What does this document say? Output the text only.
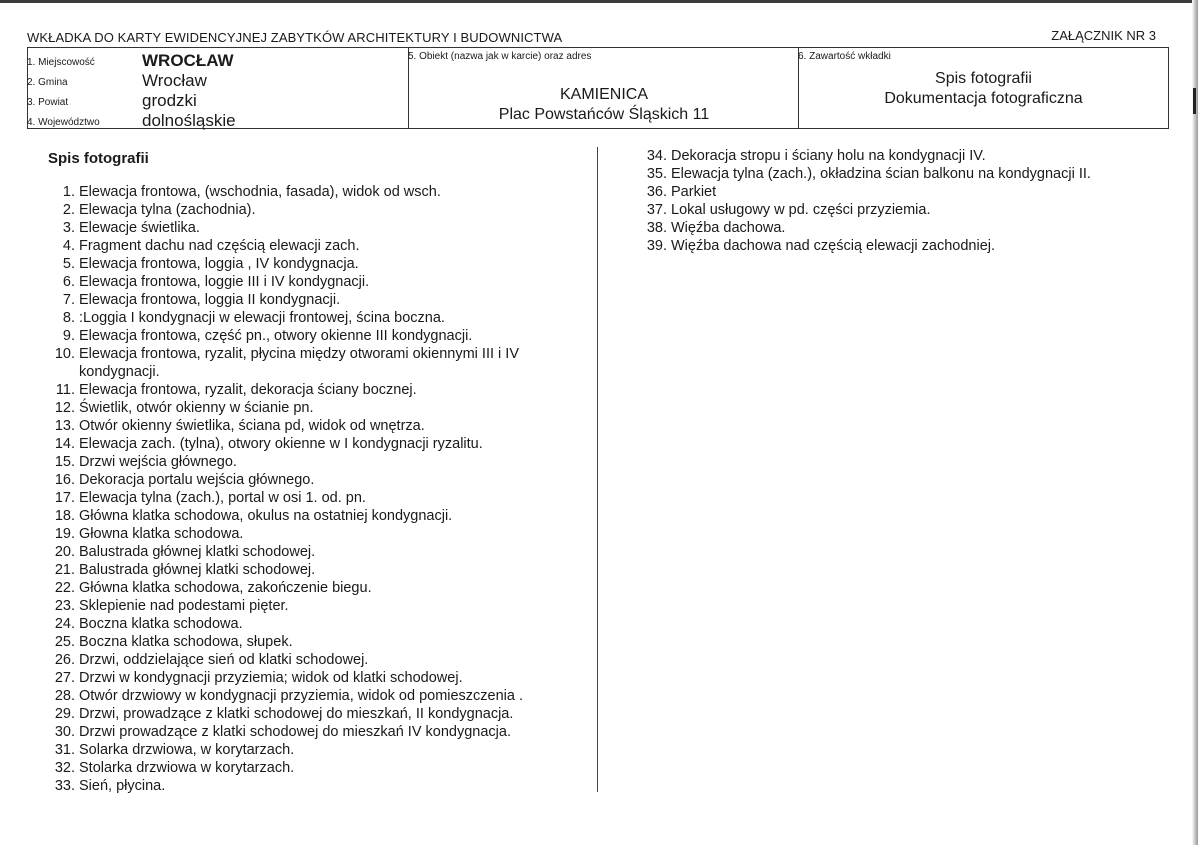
WKŁADKA DO KARTY EWIDENCYJNEJ ZABYTKÓW ARCHITEKTURY I BUDOWNICTWA	ZAŁĄCZNIK NR 3
1. Miejscowość	WROCŁAW
2. Gmina	Wrocław
3. Powiat	grodzki
4. Województwo dolnośląskie
5. Obiekt (nazwa jak w karcie) oraz adres
KAMIENICA
Plac Powstańców Śląskich 11
6. Zawartość wkładki
Spis fotografii
Dokumentacja fotograficzna
Spis fotografii
1. Elewacja frontowa, (wschodnia, fasada), widok od wsch.
2. Elewacja tylna (zachodnia).
3. Elewacje świetlika.
4. Fragment dachu nad częścią elewacji zach.
5. Elewacja frontowa, loggia , IV kondygnacja.
6. Elewacja frontowa, loggie III i IV kondygnacji.
7. Elewacja frontowa, loggia II kondygnacji.
8. :Loggia I kondygnacji w elewacji frontowej, ścina boczna.
9. Elewacja frontowa, część pn., otwory okienne III kondygnacji.
10. Elewacja frontowa, ryzalit, płycina między otworami okiennymi III i IV kondygnacji.
11. Elewacja frontowa, ryzalit, dekoracja ściany bocznej.
12. Świetlik, otwór okienny w ścianie pn.
13. Otwór okienny świetlika, ściana pd, widok od wnętrza.
14. Elewacja zach. (tylna), otwory okienne w I kondygnacji ryzalitu.
15. Drzwi wejścia głównego.
16. Dekoracja portalu wejścia głównego.
17. Elewacja tylna (zach.), portal w osi 1. od. pn.
18. Główna klatka schodowa, okulus na ostatniej kondygnacji.
19. Głowna klatka schodowa.
20. Balustrada głównej klatki schodowej.
21. Balustrada głównej klatki schodowej.
22. Główna klatka schodowa, zakończenie biegu.
23. Sklepienie nad podestami pięter.
24. Boczna klatka schodowa.
25. Boczna klatka schodowa, słupek.
26. Drzwi, oddzielające sień od klatki schodowej.
27. Drzwi w kondygnacji przyziemia; widok od klatki schodowej.
28. Otwór drzwiowy w kondygnacji przyziemia, widok od pomieszczenia .
29. Drzwi, prowadzące z klatki schodowej do mieszkań, II kondygnacja.
30. Drzwi prowadzące z klatki schodowej do mieszkań IV kondygnacja.
31. Solarka drzwiowa, w korytarzach.
32. Stolarka drzwiowa w korytarzach.
33. Sień, płycina.
34. Dekoracja stropu i ściany holu na kondygnacji IV.
35. Elewacja tylna (zach.), okładzina ścian balkonu na kondygnacji II.
36. Parkiet
37. Lokal usługowy w pd. części przyziemia.
38. Więźba dachowa.
39. Więźba dachowa nad częścią elewacji zachodniej.
